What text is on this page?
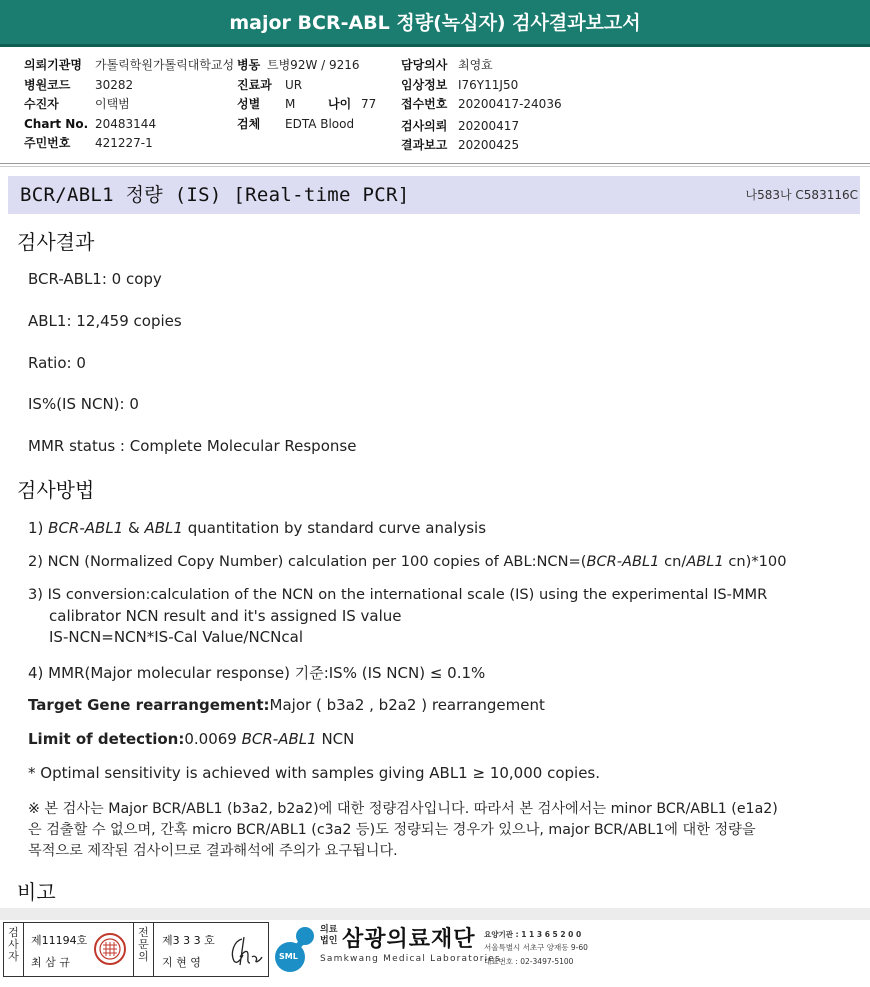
major BCR-ABL 정량(녹십자) 검사결과보고서
의뢰기관명	가톨릭학원가톨릭대학교성
병원코드	30282
수진자	이택범
Chart No. 20483144
주민번호	421227-1
병동 트병92W / 9216
진료과	UR
성별	M	나이 77
검체	EDTA Blood
담당의사 최영효
임상정보 I76Y11J50
접수번호 20200417-24036
검사의뢰 20200417
결과보고 20200425
BCR/ABL1 정량 (IS) [Real-time PCR]	나583나 C583116C
검사결과
BCR-ABL1: 0 copy
ABL1: 12,459 copies
Ratio: 0
IS%(IS NCN): 0
MMR status : Complete Molecular Response
검사방법
1) BCR-ABL1 & ABL1 quantitation by standard curve analysis
2) NCN (Normalized Copy Number) calculation per 100 copies of ABL:NCN=(BCR-ABL1 cn/ABL1 cn)*100
3) IS conversion:calculation of the NCN on the international scale (IS) using the experimental IS-MMR
calibrator NCN result and it's assigned IS value
IS-NCN=NCN*IS-Cal Value/NCNcal
4) MMR(Major molecular response) 기준:IS% (IS NCN) ≤ 0.1%
Target Gene rearrangement:Major ( b3a2 , b2a2 ) rearrangement
Limit of detection:0.0069 BCR-ABL1 NCN
* Optimal sensitivity is achieved with samples giving ABL1 ≥ 10,000 copies.
※ 본 검사는 Major BCR/ABL1 (b3a2, b2a2)에 대한 정량검사입니다. 따라서 본 검사에서는 minor BCR/ABL1 (e1a2)
은 검출할 수 없으며, 간혹 micro BCR/ABL1 (c3a2 등)도 정량되는 경우가 있으나, major BCR/ABL1에 대한 정량을
목적으로 제작된 검사이므로 결과해석에 주의가 요구됩니다.
비고
검사자
제11194호
최 삼 규
전문의
제3 3 3 호
지 현 영	SML
의료
법인 삼광의료재단
Samkwang Medical Laboratories
요양기관 : 1 1 3 6 5 2 0 0
서울특별시 서초구 양재동 9-60
대표번호 : 02-3497-5100
